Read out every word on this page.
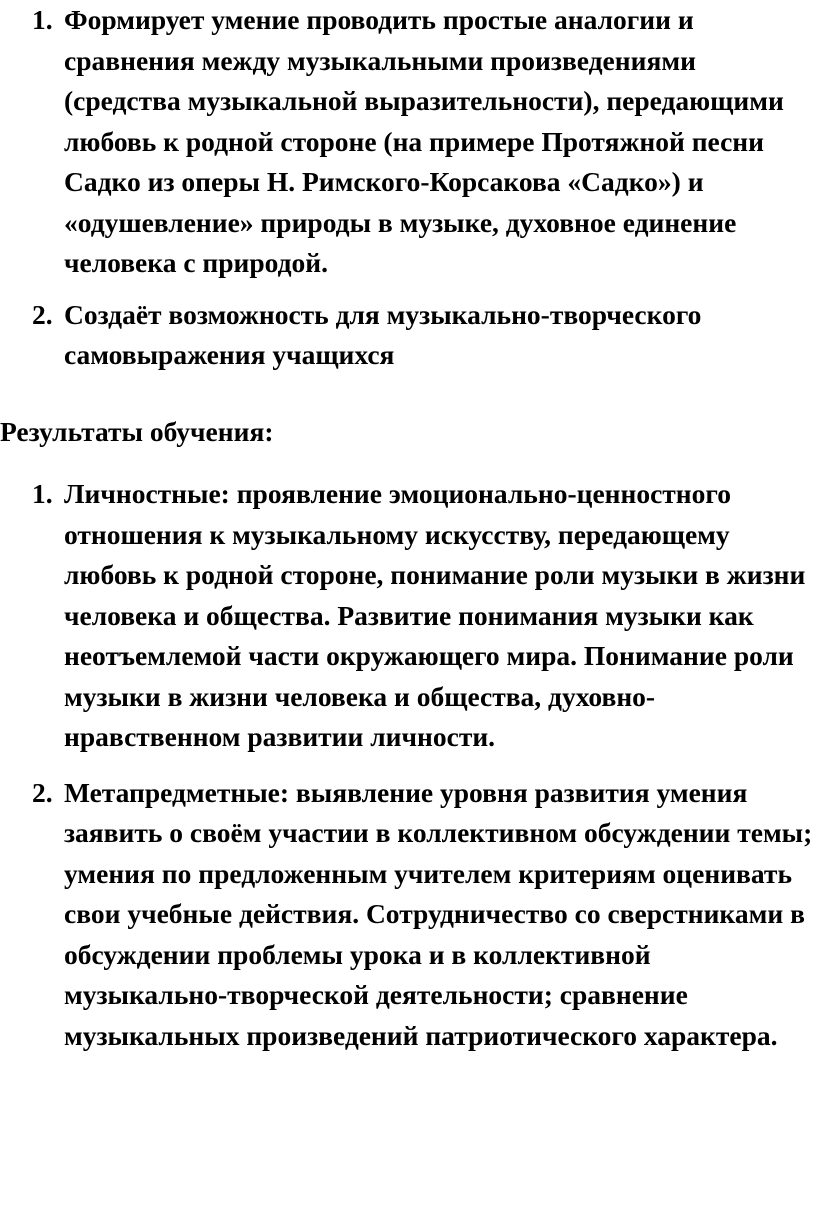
1. Формирует умение проводить простые аналогии и сравнения между музыкальными произведениями (средства музыкальной выразительности), передающими любовь к родной стороне (на примере Протяжной песни Садко из оперы Н. Римского-Корсакова «Садко») и «одушевление» природы в музыке, духовное единение человека с природой.
2. Создаёт возможность для музыкально-творческого самовыражения учащихся
Результаты обучения:
1. Личностные: проявление эмоционально-ценностного отношения к музыкальному искусству, передающему любовь к родной стороне, понимание роли музыки в жизни человека и общества. Развитие понимания музыки как неотъемлемой части окружающего мира. Понимание роли музыки в жизни человека и общества, духовно-нравственном развитии личности.
2. Метапредметные: выявление уровня развития умения заявить о своём участии в коллективном обсуждении темы; умения по предложенным учителем критериям оценивать свои учебные действия. Сотрудничество со сверстниками в обсуждении проблемы урока и в коллективной музыкально-творческой деятельности; сравнение музыкальных произведений патриотического характера.
